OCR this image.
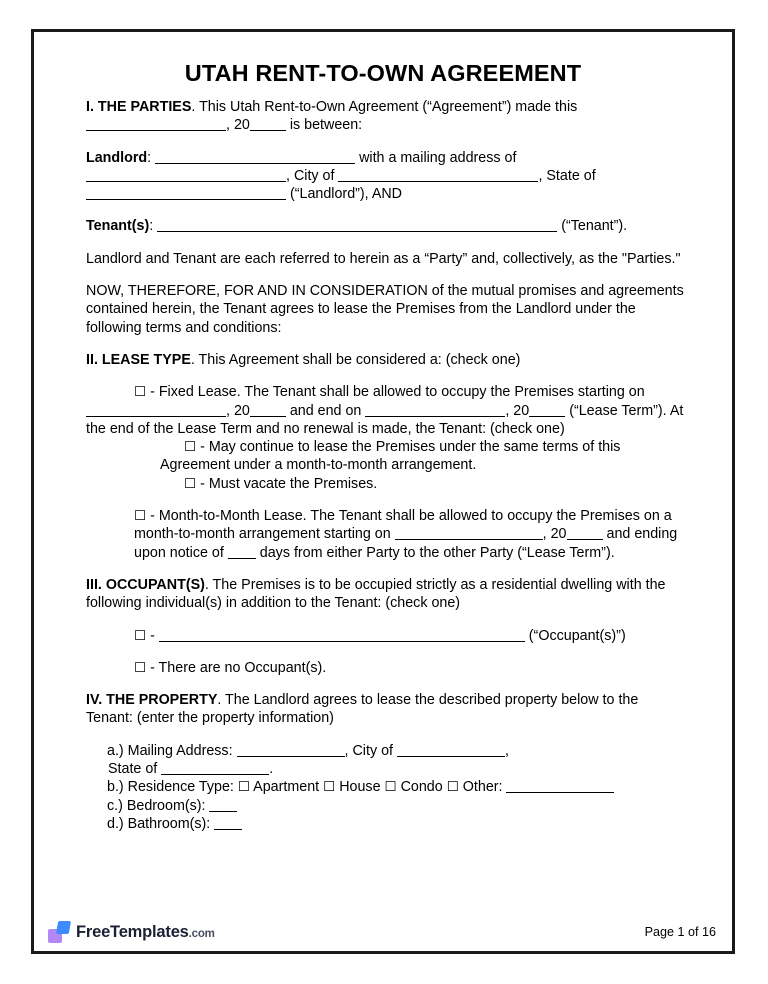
UTAH RENT-TO-OWN AGREEMENT

I. THE PARTIES. This Utah Rent-to-Own Agreement (“Agreement”) made this
, 20	is between:

Landlord:	with a mailing address of
, City of	, State of
(“Landlord”), AND

Tenant(s):	(“Tenant”).

Landlord and Tenant are each referred to herein as a “Party” and, collectively, as the "Parties."

NOW, THEREFORE, FOR AND IN CONSIDERATION of the mutual promises and agreements contained herein, the Tenant agrees to lease the Premises from the Landlord under the following terms and conditions:

II. LEASE TYPE. This Agreement shall be considered a: (check one)

☐ - Fixed Lease. The Tenant shall be allowed to occupy the Premises starting on , 20	and end on	, 20	(“Lease Term”). At the end of the Lease Term and no renewal is made, the Tenant: (check one)

☐ - May continue to lease the Premises under the same terms of this Agreement under a month-to-month arrangement.

☐ - Must vacate the Premises.

☐ - Month-to-Month Lease. The Tenant shall be allowed to occupy the Premises on a month-to-month arrangement starting on	, 20	and ending upon notice of  days from either Party to the other Party (“Lease Term”).

III. OCCUPANT(S). The Premises is to be occupied strictly as a residential dwelling with the following individual(s) in addition to the Tenant: (check one)

☐ -	(“Occupant(s)”)

☐ - There are no Occupant(s).

IV. THE PROPERTY. The Landlord agrees to lease the described property below to the Tenant: (enter the property information)

a.) Mailing Address:	, City of	,
State of	.

b.) Residence Type: ☐ Apartment ☐ House ☐ Condo ☐ Other:

c.) Bedroom(s):

d.) Bathroom(s):

FreeTemplates.com	Page 1 of 16
